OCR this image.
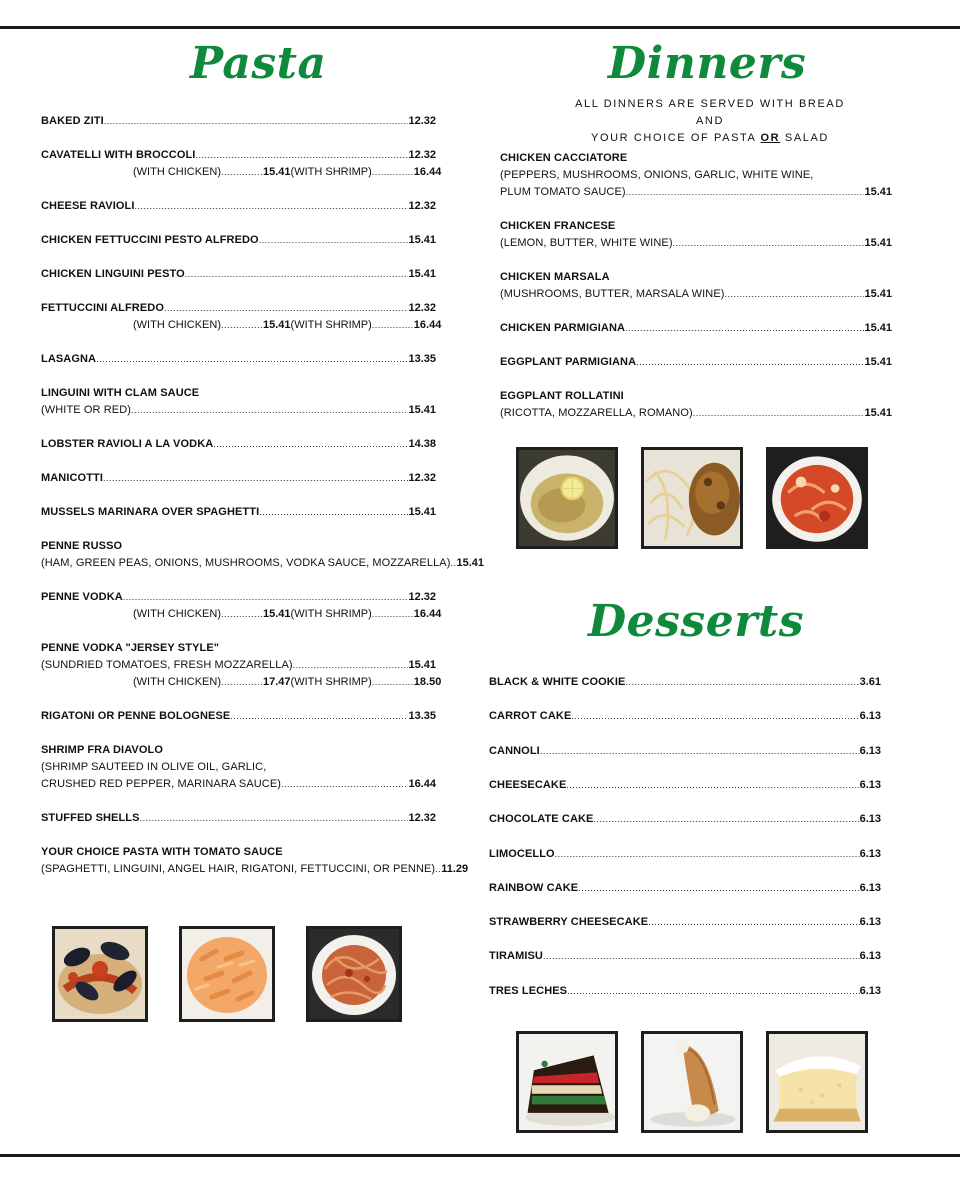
Pasta	Dinners
Desserts
ALL DINNERS ARE SERVED WITH BREAD AND
YOUR CHOICE OF PASTA OR SALAD
BAKED ZITI .....	12.32
CAVATELLI WITH BROCCOLI .....	12.32
(WITH CHICKEN) .....	15.41 (WITH SHRIMP) .....	16.44
CHEESE RAVIOLI .....	12.32
CHICKEN FETTUCCINI PESTO ALFREDO .....	15.41
CHICKEN LINGUINI PESTO .....	15.41
FETTUCCINI ALFREDO .....	12.32
(WITH CHICKEN) .....	15.41 (WITH SHRIMP) .....	16.44
LASAGNA .....	13.35
LINGUINI WITH CLAM SAUCE
(WHITE OR RED) .....	15.41
LOBSTER RAVIOLI A LA VODKA .....	14.38
MANICOTTI .....	12.32
MUSSELS MARINARA OVER SPAGHETTI .....	15.41
PENNE RUSSO
(HAM, GREEN PEAS, ONIONS, MUSHROOMS, VODKA SAUCE, MOZZARELLA) ..... 15.41
PENNE VODKA .....	12.32
(WITH CHICKEN) .....	15.41 (WITH SHRIMP) .....	16.44
PENNE VODKA "JERSEY STYLE"
(SUNDRIED TOMATOES, FRESH MOZZARELLA) .....	15.41
(WITH CHICKEN) .....	17.47 (WITH SHRIMP) .....	18.50
RIGATONI OR PENNE BOLOGNESE .....	13.35
SHRIMP FRA DIAVOLO
(SHRIMP SAUTEED IN OLIVE OIL, GARLIC,
CRUSHED RED PEPPER, MARINARA SAUCE) .....	16.44
STUFFED SHELLS .....	12.32
YOUR CHOICE PASTA WITH TOMATO SAUCE
(SPAGHETTI, LINGUINI, ANGEL HAIR, RIGATONI, FETTUCCINI, OR PENNE) ..... 11.29
CHICKEN CACCIATORE
(PEPPERS, MUSHROOMS, ONIONS, GARLIC, WHITE WINE,
PLUM TOMATO SAUCE) .....	15.41
CHICKEN FRANCESE
(LEMON, BUTTER, WHITE WINE) .....	15.41
CHICKEN MARSALA
(MUSHROOMS, BUTTER, MARSALA WINE) .....	15.41
CHICKEN PARMIGIANA .....	15.41
EGGPLANT PARMIGIANA .....	15.41
EGGPLANT ROLLATINI
(RICOTTA, MOZZARELLA, ROMANO) .....	15.41
BLACK & WHITE COOKIE .....	3.61
CARROT CAKE .....	6.13
CANNOLI .....	6.13
CHEESECAKE .....	6.13
CHOCOLATE CAKE .....	6.13
LIMOCELLO .....	6.13
RAINBOW CAKE .....	6.13
STRAWBERRY CHEESECAKE .....	6.13
TIRAMISU .....	6.13
TRES LECHES .....	6.13
